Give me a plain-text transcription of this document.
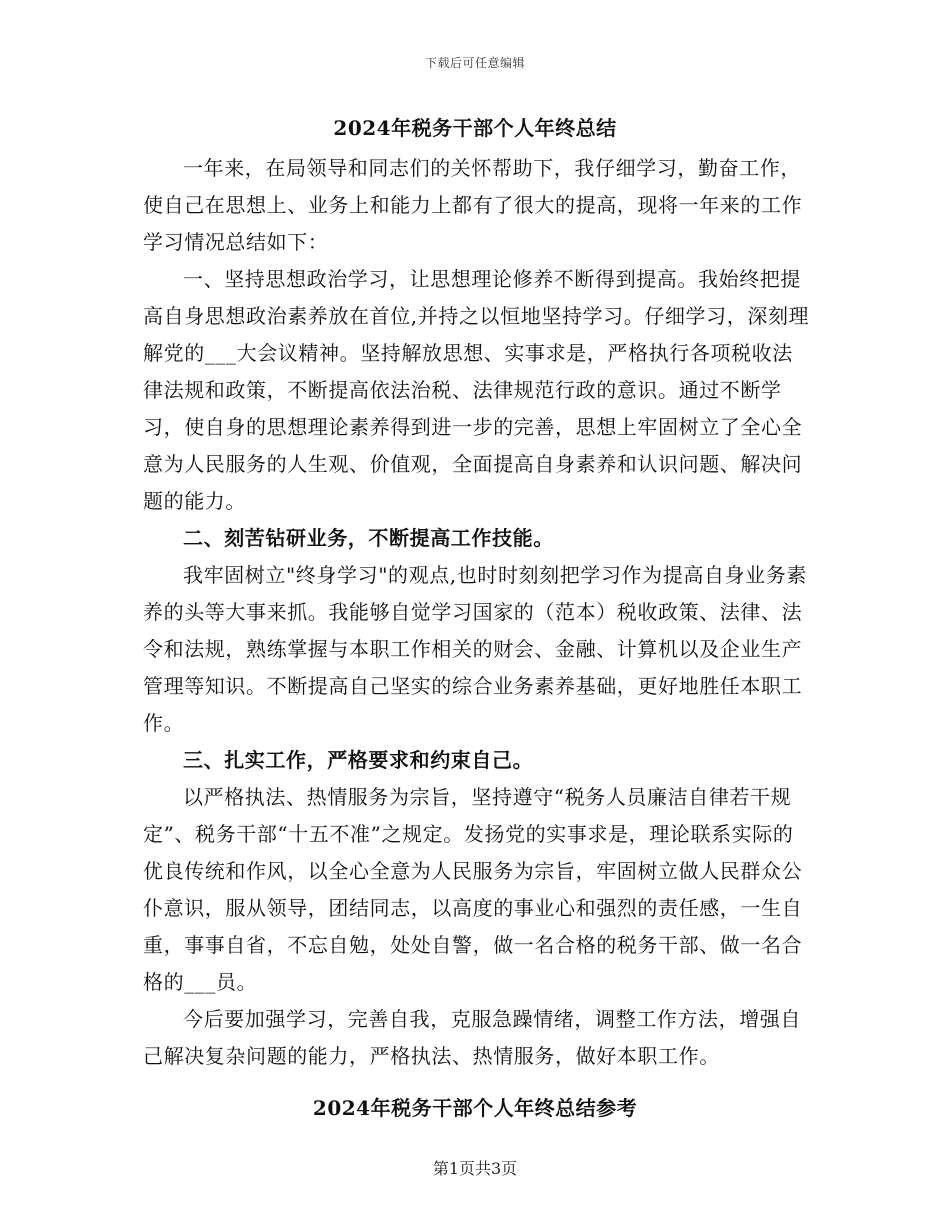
下载后可任意编辑
2024年税务干部个人年终总结

一年来，在局领导和同志们的关怀帮助下，我仔细学习，勤奋工作，使自己在思想上、业务上和能力上都有了很大的提高，现将一年来的工作学习情况总结如下：

一、坚持思想政治学习，让思想理论修养不断得到提高。我始终把提高自身思想政治素养放在首位,并持之以恒地坚持学习。仔细学习，深刻理解党的___大会议精神。坚持解放思想、实事求是，严格执行各项税收法律法规和政策，不断提高依法治税、法律规范行政的意识。通过不断学习，使自身的思想理论素养得到进一步的完善，思想上牢固树立了全心全意为人民服务的人生观、价值观，全面提高自身素养和认识问题、解决问题的能力。

二、刻苦钻研业务，不断提高工作技能。

我牢固树立"终身学习"的观点,也时时刻刻把学习作为提高自身业务素养的头等大事来抓。我能够自觉学习国家的（范本）税收政策、法律、法令和法规，熟练掌握与本职工作相关的财会、金融、计算机以及企业生产管理等知识。不断提高自己坚实的综合业务素养基础，更好地胜任本职工作。

三、扎实工作，严格要求和约束自己。

以严格执法、热情服务为宗旨，坚持遵守“税务人员廉洁自律若干规定”、税务干部“十五不准”之规定。发扬党的实事求是，理论联系实际的优良传统和作风，以全心全意为人民服务为宗旨，牢固树立做人民群众公仆意识，服从领导，团结同志，以高度的事业心和强烈的责任感，一生自重，事事自省，不忘自勉，处处自警，做一名合格的税务干部、做一名合格的___员。

今后要加强学习，完善自我，克服急躁情绪，调整工作方法，增强自己解决复杂问题的能力，严格执法、热情服务，做好本职工作。

2024年税务干部个人年终总结参考
第1页共3页
